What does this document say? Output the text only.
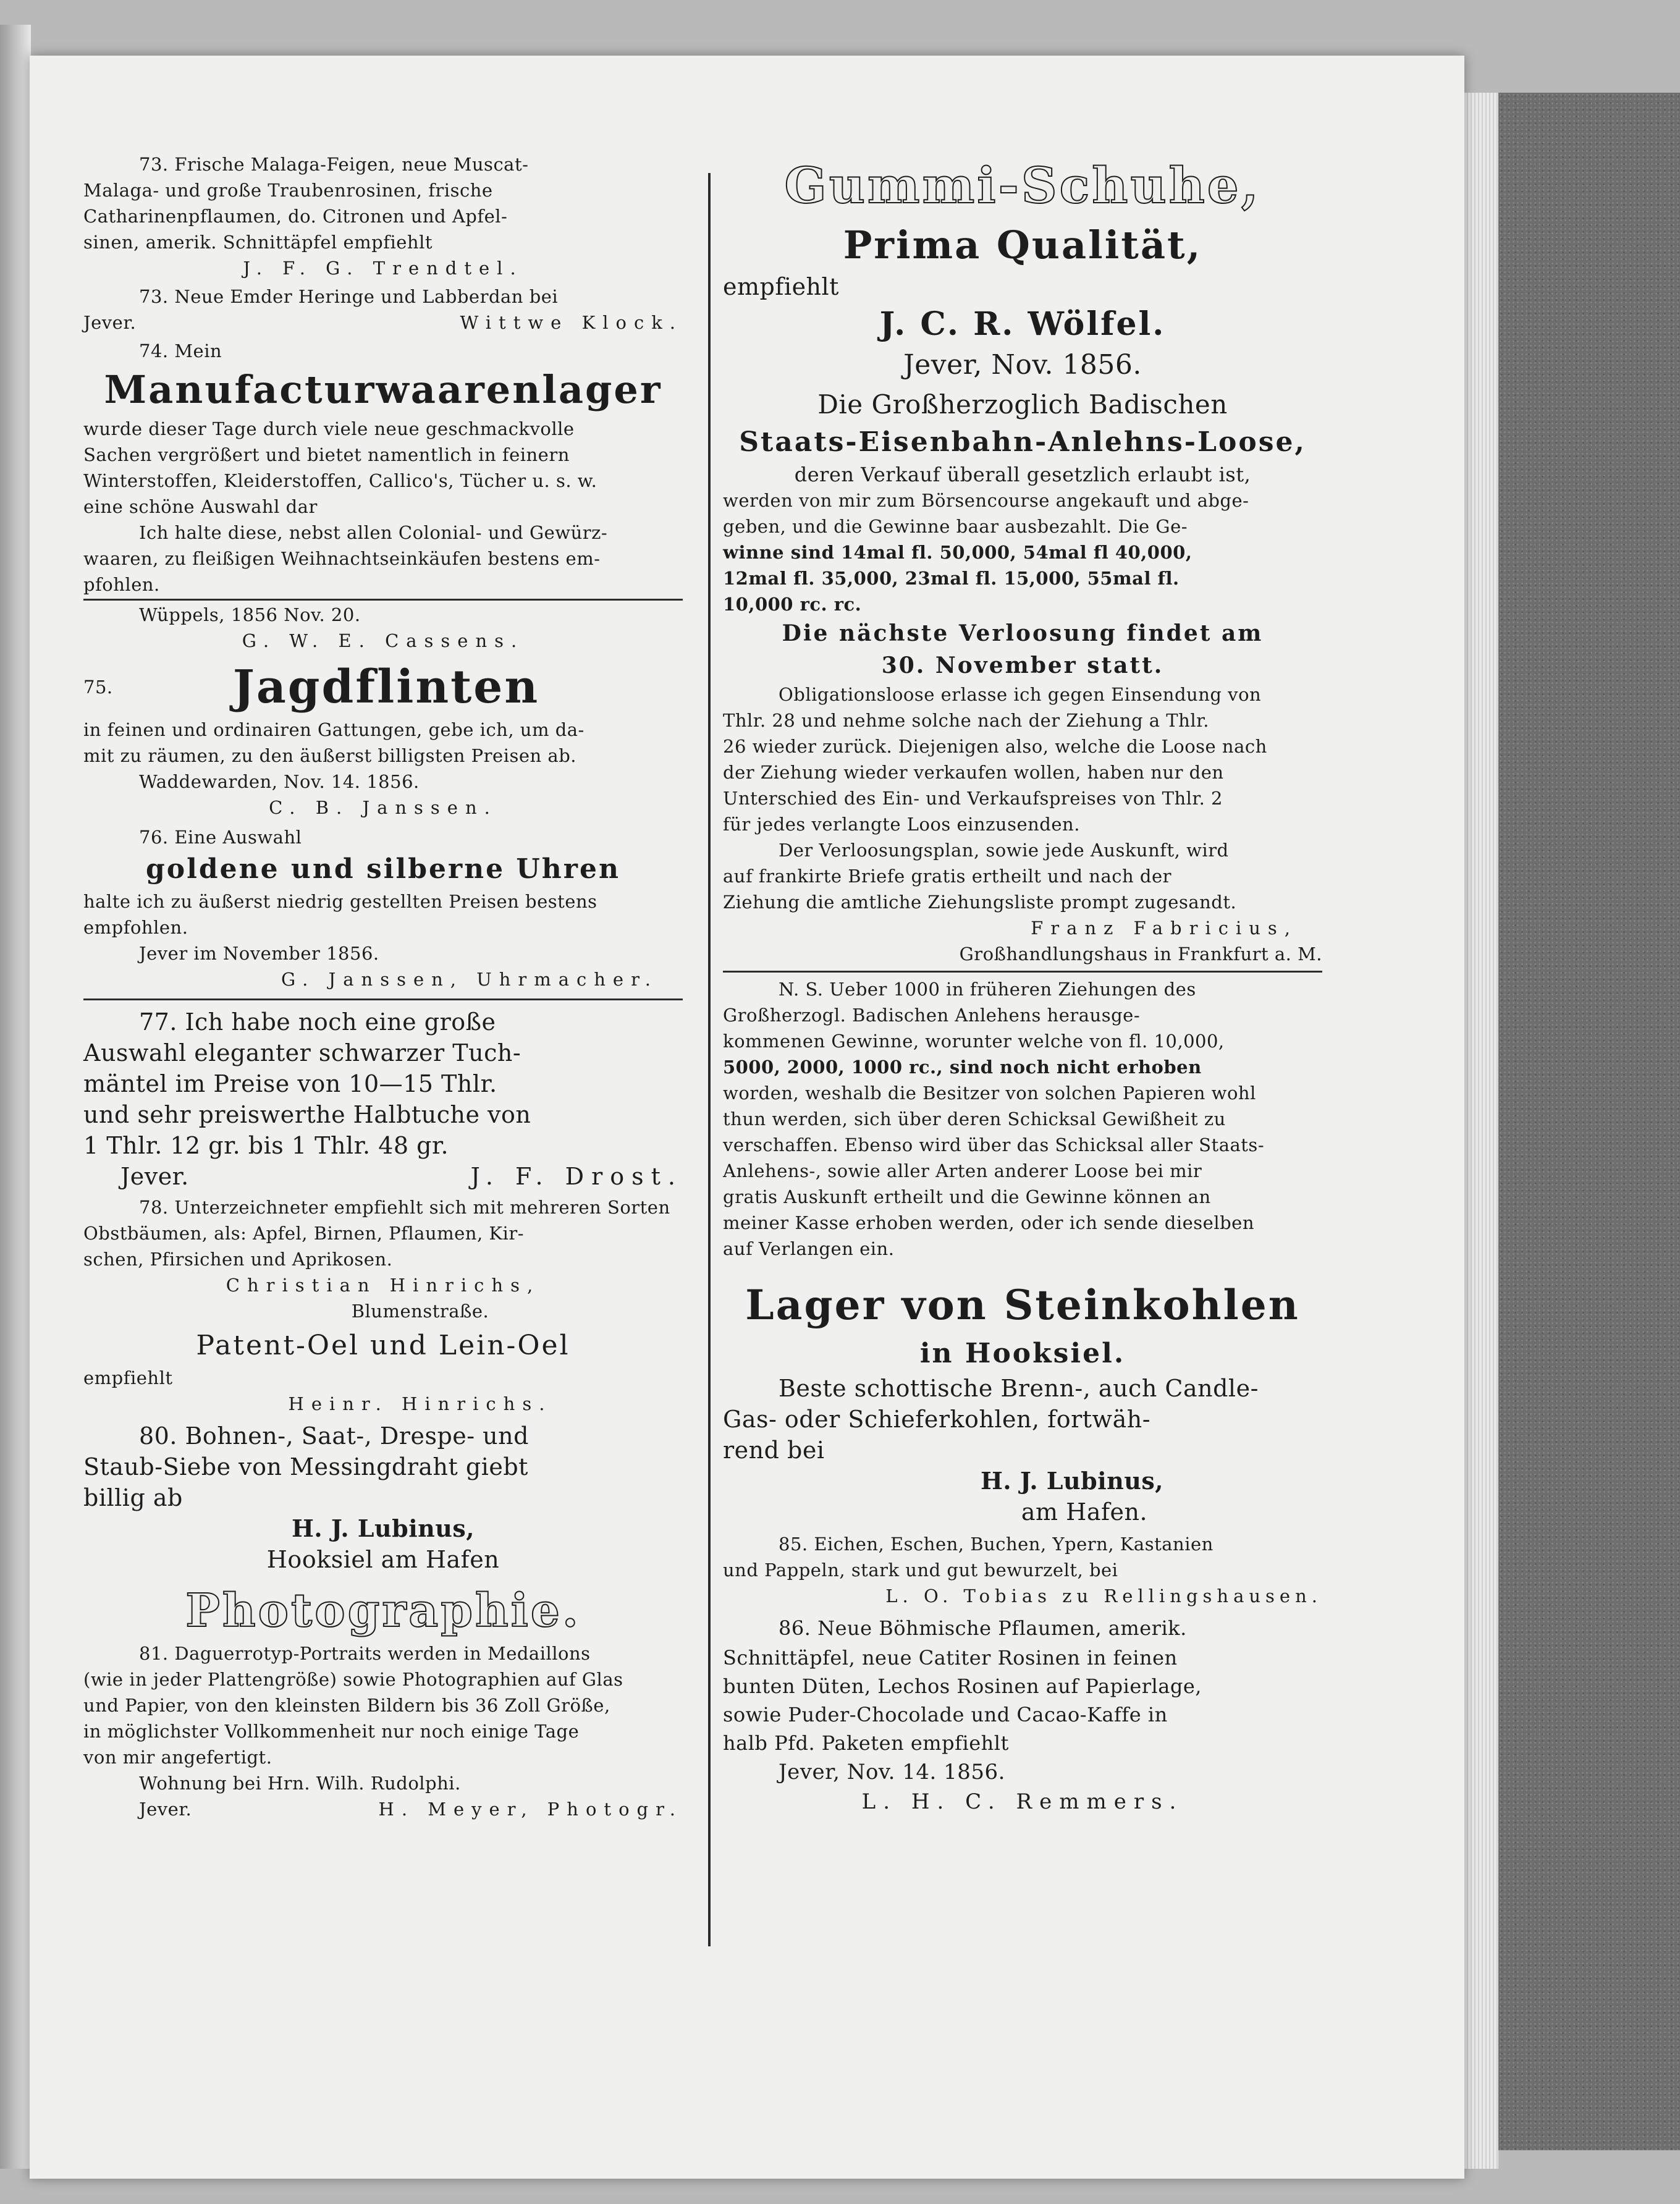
73. Frische Malaga-Feigen, neue Muscat-

Malaga- und große Traubenrosinen, frische

Catharinenpflaumen, do. Citronen und Apfel-

sinen, amerik. Schnittäpfel empfiehlt

J. F. G. Trendtel.

73. Neue Emder Heringe und Labberdan bei

Jever.	Wittwe Klock.

74. Mein

Manufacturwaarenlager

wurde dieser Tage durch viele neue geschmackvolle

Sachen vergrößert und bietet namentlich in feinern

Winterstoffen, Kleiderstoffen, Callico's, Tücher u. s. w.

eine schöne Auswahl dar

Ich halte diese, nebst allen Colonial- und Gewürz-

waaren, zu fleißigen Weihnachtseinkäufen bestens em-

pfohlen.

Wüppels, 1856 Nov. 20.

G. W. E. Cassens.

75.	Jagdflinten

in feinen und ordinairen Gattungen, gebe ich, um da-

mit zu räumen, zu den äußerst billigsten Preisen ab.

Waddewarden, Nov. 14. 1856.

C. B. Janssen.

76. Eine Auswahl

goldene und silberne Uhren

halte ich zu äußerst niedrig gestellten Preisen bestens

empfohlen.

Jever im November 1856.

G. Janssen, Uhrmacher.

77. Ich habe noch eine große

Auswahl eleganter schwarzer Tuch-

mäntel im Preise von 10—15 Thlr.

und sehr preiswerthe Halbtuche von

1 Thlr. 12 gr. bis 1 Thlr. 48 gr.

Jever.	J. F. Drost.

78. Unterzeichneter empfiehlt sich mit mehreren Sorten

Obstbäumen, als: Apfel, Birnen, Pflaumen, Kir-

schen, Pfirsichen und Aprikosen.

Christian Hinrichs,

Blumenstraße.

Patent-Oel und Lein-Oel

empfiehlt

Heinr. Hinrichs.

80. Bohnen-, Saat-, Drespe- und

Staub-Siebe von Messingdraht giebt

billig ab

H. J. Lubinus,

Hooksiel am Hafen

Photographie.

81. Daguerrotyp-Portraits werden in Medaillons

(wie in jeder Plattengröße) sowie Photographien auf Glas

und Papier, von den kleinsten Bildern bis 36 Zoll Größe,

in möglichster Vollkommenheit nur noch einige Tage

von mir angefertigt.

Wohnung bei Hrn. Wilh. Rudolphi.

Jever.	H. Meyer, Photogr.

Gummi-Schuhe,

Prima Qualität,

empfiehlt

J. C. R. Wölfel.

Jever, Nov. 1856.

Die Großherzoglich Badischen

Staats-Eisenbahn-Anlehns-Loose,

deren Verkauf überall gesetzlich erlaubt ist,

werden von mir zum Börsencourse angekauft und abge-

geben, und die Gewinne baar ausbezahlt. Die Ge-

winne sind 14mal fl. 50,000, 54mal fl 40,000,

12mal fl. 35,000, 23mal fl. 15,000, 55mal fl.

10,000 rc. rc.

Die nächste Verloosung findet am

30. November statt.

Obligationsloose erlasse ich gegen Einsendung von

Thlr. 28 und nehme solche nach der Ziehung a Thlr.

26 wieder zurück. Diejenigen also, welche die Loose nach

der Ziehung wieder verkaufen wollen, haben nur den

Unterschied des Ein- und Verkaufspreises von Thlr. 2

für jedes verlangte Loos einzusenden.

Der Verloosungsplan, sowie jede Auskunft, wird

auf frankirte Briefe gratis ertheilt und nach der

Ziehung die amtliche Ziehungsliste prompt zugesandt.

Franz Fabricius,

Großhandlungshaus in Frankfurt a. M.

N. S. Ueber 1000 in früheren Ziehungen des

Großherzogl. Badischen Anlehens herausge-

kommenen Gewinne, worunter welche von fl. 10,000,

5000, 2000, 1000 rc., sind noch nicht erhoben

worden, weshalb die Besitzer von solchen Papieren wohl

thun werden, sich über deren Schicksal Gewißheit zu

verschaffen. Ebenso wird über das Schicksal aller Staats-

Anlehens-, sowie aller Arten anderer Loose bei mir

gratis Auskunft ertheilt und die Gewinne können an

meiner Kasse erhoben werden, oder ich sende dieselben

auf Verlangen ein.

Lager von Steinkohlen

in Hooksiel.

Beste schottische Brenn-, auch Candle-

Gas- oder Schieferkohlen, fortwäh-

rend bei

H. J. Lubinus,

am Hafen.

85. Eichen, Eschen, Buchen, Ypern, Kastanien

und Pappeln, stark und gut bewurzelt, bei

L. O. Tobias zu Rellingshausen.

86. Neue Böhmische Pflaumen, amerik.

Schnittäpfel, neue Catiter Rosinen in feinen

bunten Düten, Lechos Rosinen auf Papierlage,

sowie Puder-Chocolade und Cacao-Kaffe in

halb Pfd. Paketen empfiehlt

Jever, Nov. 14. 1856.

L. H. C. Remmers.
